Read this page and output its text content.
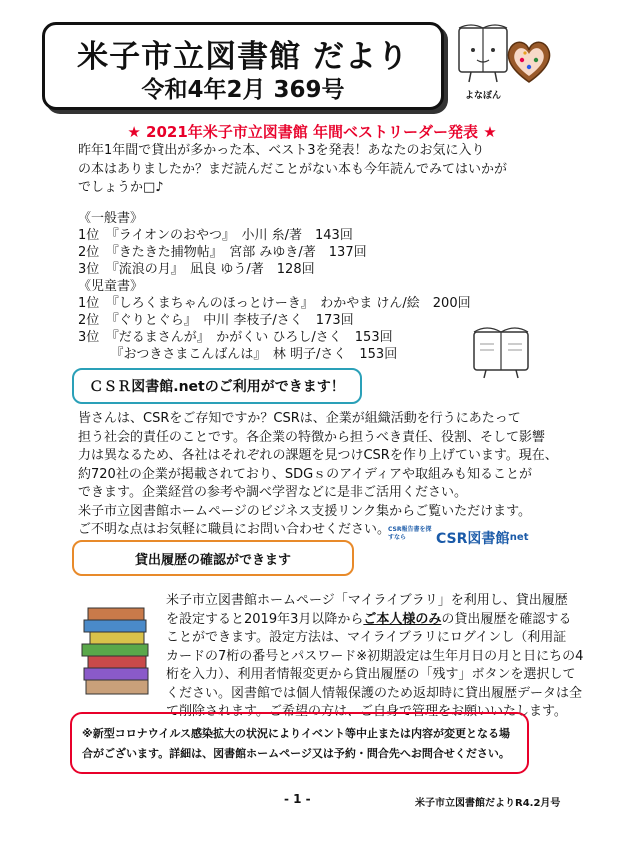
米子市立図書館 だより
令和4年2月 369号	よなぼん
★ 2021年米子市立図書館 年間ベストリーダー発表 ★
昨年1年間で貸出が多かった本、ベスト3を発表！あなたのお気に入り
の本はありましたか？まだ読んだことがない本も今年読んでみてはいかが
でしょうか□♪
《一般書》
1位　『ライオンのおやつ』　小川 糸/著　143回
2位　『きたきた捕物帖』　宮部 みゆき/著　137回
3位　『流浪の月』　凪良 ゆう/著　128回
《児童書》
1位　『しろくまちゃんのほっとけーき』　わかやま けん/絵　200回
2位　『ぐりとぐら』　中川 李枝子/さく　173回
3位　『だるまさんが』　かがくい ひろし/さく　153回
　　　『おつきさまこんばんは』　林 明子/さく　153回
ＣＳＲ図書館.netのご利用ができます！
皆さんは、CSRをご存知ですか？CSRは、企業が組織活動を行うにあたって
担う社会的責任のことです。各企業の特徴から担うべき責任、役割、そして影響
力は異なるため、各社はそれぞれの課題を見つけCSRを作り上げています。現在、
約720社の企業が掲載されており、SDGｓのアイディアや取組みも知ることが
できます。企業経営の参考や調べ学習などに是非ご活用ください。
米子市立図書館ホームページのビジネス支援リンク集からご覧いただけます。
ご不明な点はお気軽に職員にお問い合わせください。
CSR報告書を探すなら	CSR図書館
.net
貸出履歴の確認ができます
米子市立図書館ホームページ「マイライブラリ」を利用し、貸出履歴
を設定すると2019年3月以降からご本人様のみの貸出履歴を確認する
ことができます。設定方法は、マイライブラリにログインし（利用証
カードの7桁の番号とパスワード※初期設定は生年月日の月と日にちの4
桁を入力）、利用者情報変更から貸出履歴の「残す」ボタンを選択して
ください。図書館では個人情報保護のため返却時に貸出履歴データは全
て削除されます。ご希望の方は、ご自身で管理をお願いいたします。
※新型コロナウイルス感染拡大の状況によりイベント等中止または内容が変更となる場
合がございます。詳細は、図書館ホームページ又は予約・問合先へお問合せください。
- 1 -	米子市立図書館だよりR4.2月号
